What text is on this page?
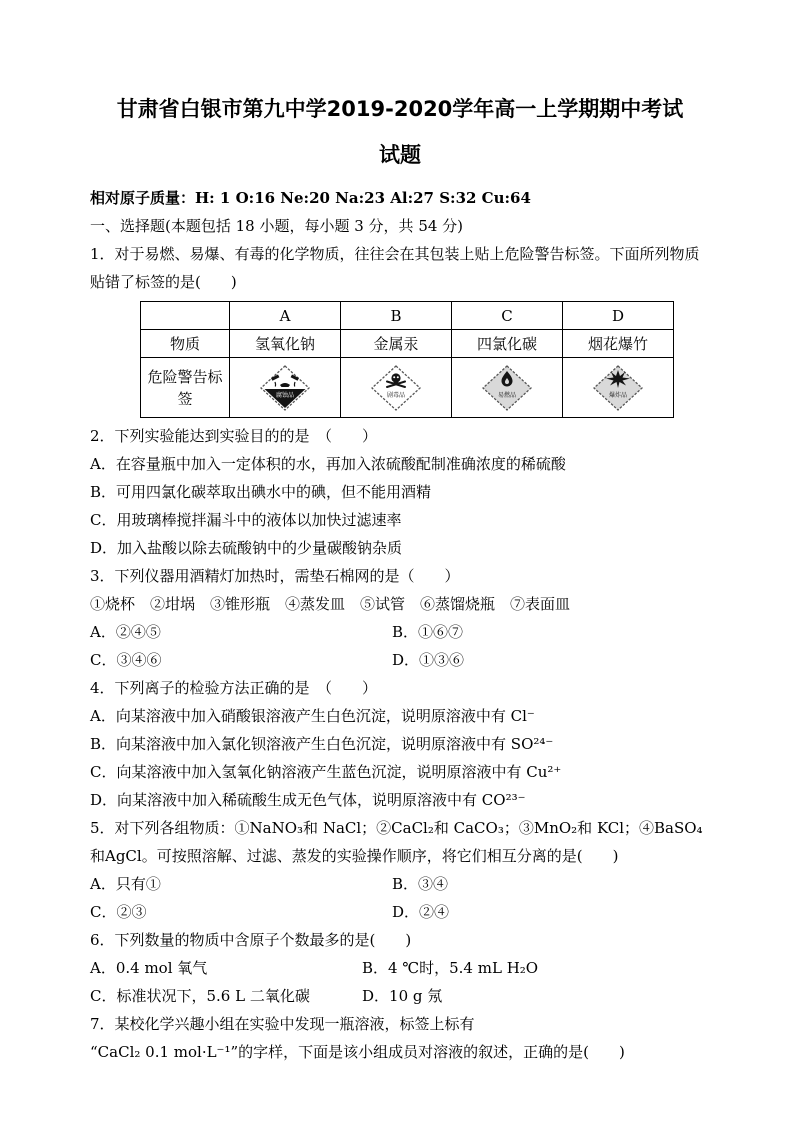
甘肃省白银市第九中学2019-2020学年高一上学期期中考试
试题
相对原子质量：H: 1 O:16 Ne:20 Na:23 Al:27 S:32 Cu:64
一、选择题(本题包括 18 小题，每小题 3 分，共 54 分)
1．对于易燃、易爆、有毒的化学物质，往往会在其包装上贴上危险警告标签。下面所列物质贴错了标签的是(　　)
	A	B	C	D
物质	氢氧化钠	金属汞	四氯化碳	烟花爆竹
危险警告标签	腐蚀品	剧毒品	易燃品	爆炸品
2．下列实验能达到实验目的的是　（　　）
A．在容量瓶中加入一定体积的水，再加入浓硫酸配制准确浓度的稀硫酸
B．可用四氯化碳萃取出碘水中的碘，但不能用酒精
C．用玻璃棒搅拌漏斗中的液体以加快过滤速率
D．加入盐酸以除去硫酸钠中的少量碳酸钠杂质
3．下列仪器用酒精灯加热时，需垫石棉网的是（　　）
①烧杯　②坩埚　③锥形瓶　④蒸发皿　⑤试管　⑥蒸馏烧瓶　⑦表面皿
A．②④⑤	B．①⑥⑦
C．③④⑥	D．①③⑥
4．下列离子的检验方法正确的是　（　　）
A．向某溶液中加入硝酸银溶液产生白色沉淀，说明原溶液中有 Cl⁻
B．向某溶液中加入氯化钡溶液产生白色沉淀，说明原溶液中有 SO²⁴⁻
C．向某溶液中加入氢氧化钠溶液产生蓝色沉淀，说明原溶液中有 Cu²⁺
D．向某溶液中加入稀硫酸生成无色气体，说明原溶液中有 CO²³⁻
5．对下列各组物质：①NaNO₃和 NaCl；②CaCl₂和 CaCO₃；③MnO₂和 KCl；④BaSO₄和AgCl。可按照溶解、过滤、蒸发的实验操作顺序，将它们相互分离的是(　　)
A．只有①	B．③④
C．②③	D．②④
6．下列数量的物质中含原子个数最多的是(　　)
A．0.4 mol 氧气	B．4 ℃时，5.4 mL H₂O
C．标准状况下，5.6 L 二氧化碳	D．10 g 氖
7．某校化学兴趣小组在实验中发现一瓶溶液，标签上标有
“CaCl₂ 0.1 mol·L⁻¹”的字样，下面是该小组成员对溶液的叙述，正确的是(　　)
